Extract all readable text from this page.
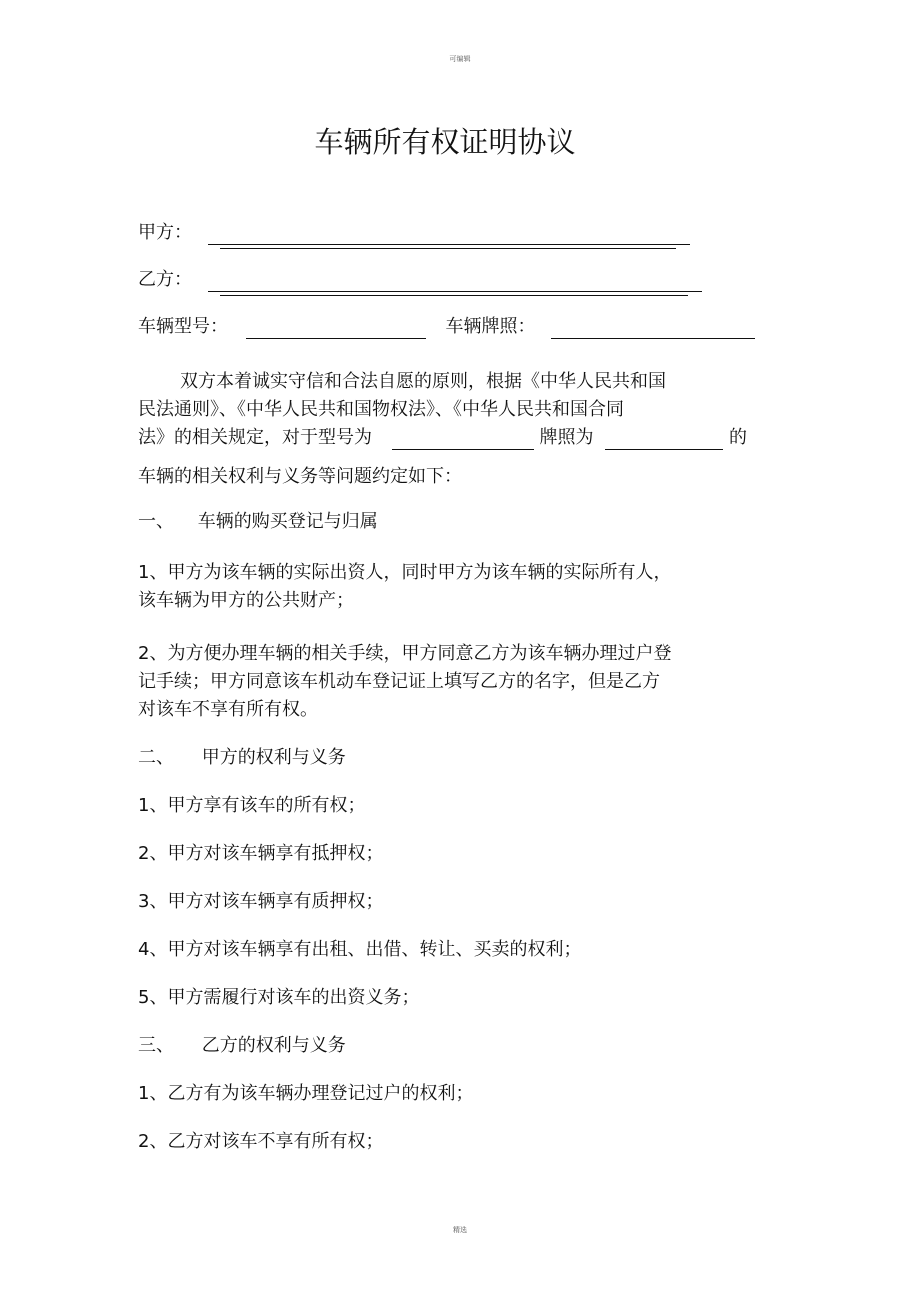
可编辑
车辆所有权证明协议
甲方：
乙方：
车辆型号：	车辆牌照：
双方本着诚实守信和合法自愿的原则，根据《中华人民共和国
民法通则》、《中华人民共和国物权法》、《中华人民共和国合同
法》的相关规定，对于型号为	牌照为	的
车辆的相关权利与义务等问题约定如下：
一、 车辆的购买登记与归属
1、甲方为该车辆的实际出资人，同时甲方为该车辆的实际所有人，
该车辆为甲方的公共财产；
2、为方便办理车辆的相关手续，甲方同意乙方为该车辆办理过户登
记手续；甲方同意该车机动车登记证上填写乙方的名字，但是乙方
对该车不享有所有权。
二、 甲方的权利与义务
1、甲方享有该车的所有权；
2、甲方对该车辆享有抵押权；
3、甲方对该车辆享有质押权；
4、甲方对该车辆享有出租、出借、转让、买卖的权利；
5、甲方需履行对该车的出资义务；
三、 乙方的权利与义务
1、乙方有为该车辆办理登记过户的权利；
2、乙方对该车不享有所有权；
精选
